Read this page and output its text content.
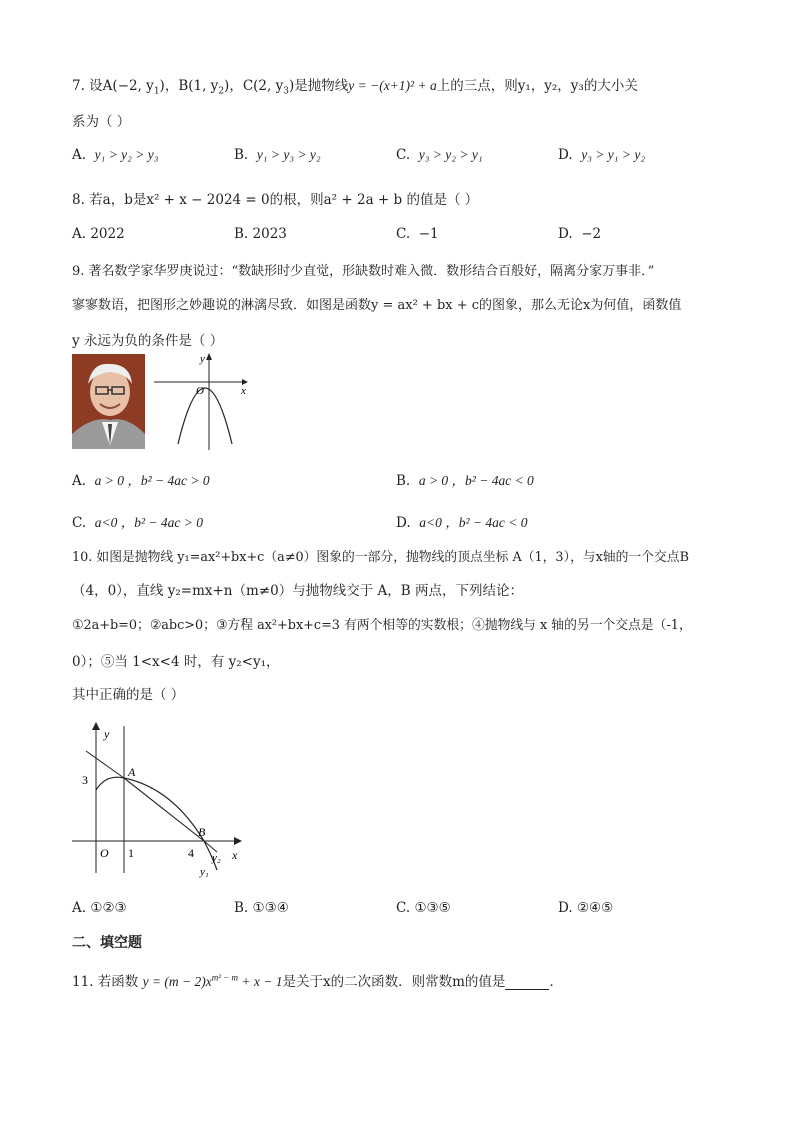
7. 设A(−2, $y_1$)，B(1, $y_2$)，C(2, $y_3$)是抛物线y = −(x+1)² + a上的三点，则y₁，y₂，y₃的大小关
系为（ ）
A. y₁ > y₂ > y₃	B. y₁ > y₃ > y₂	C. y₃ > y₂ > y₁	D. y₃ > y₁ > y₂
8. 若a，b是x² + x − 2024 = 0的根，则a² + 2a + b 的值是（ ）
A. 2022	B. 2023	C. −1	D. −2
9. 著名数学家华罗庚说过：“数缺形时少直觉，形缺数时难入微．数形结合百般好，隔离分家万事非．”
寥寥数语，把图形之妙趣说的淋漓尽致．如图是函数y = ax² + bx + c的图象，那么无论x为何值，函数值
y 永远为负的条件是（ ）
y
O	x
A. a > 0 ，b² − 4ac > 0	B. a > 0 ，b² − 4ac < 0
C. a<0 ，b² − 4ac > 0	D. a<0 ，b² − 4ac < 0
10. 如图是抛物线 y₁=ax²+bx+c（a≠0）图象的一部分，抛物线的顶点坐标 A（1，3），与x轴的一个交点B
（4，0），直线 y₂=mx+n（m≠0）与抛物线交于 A，B 两点，下列结论：
①2a+b=0；②abc>0；③方程 ax²+bx+c=3 有两个相等的实数根；④抛物线与 x 轴的另一个交点是（-1，
0）；⑤当 1<x<4 时，有 y₂<y₁，
其中正确的是（ ）
y
3
A
B
O 1	4	x
y₂
y₁
A. ①②③	B. ①③④	C. ①③⑤	D. ②④⑤
二、填空题
11. 若函数 $y = (m - 2)x^{m^2 - m} + x - 1$是关于x的二次函数．则常数m的值是	．
